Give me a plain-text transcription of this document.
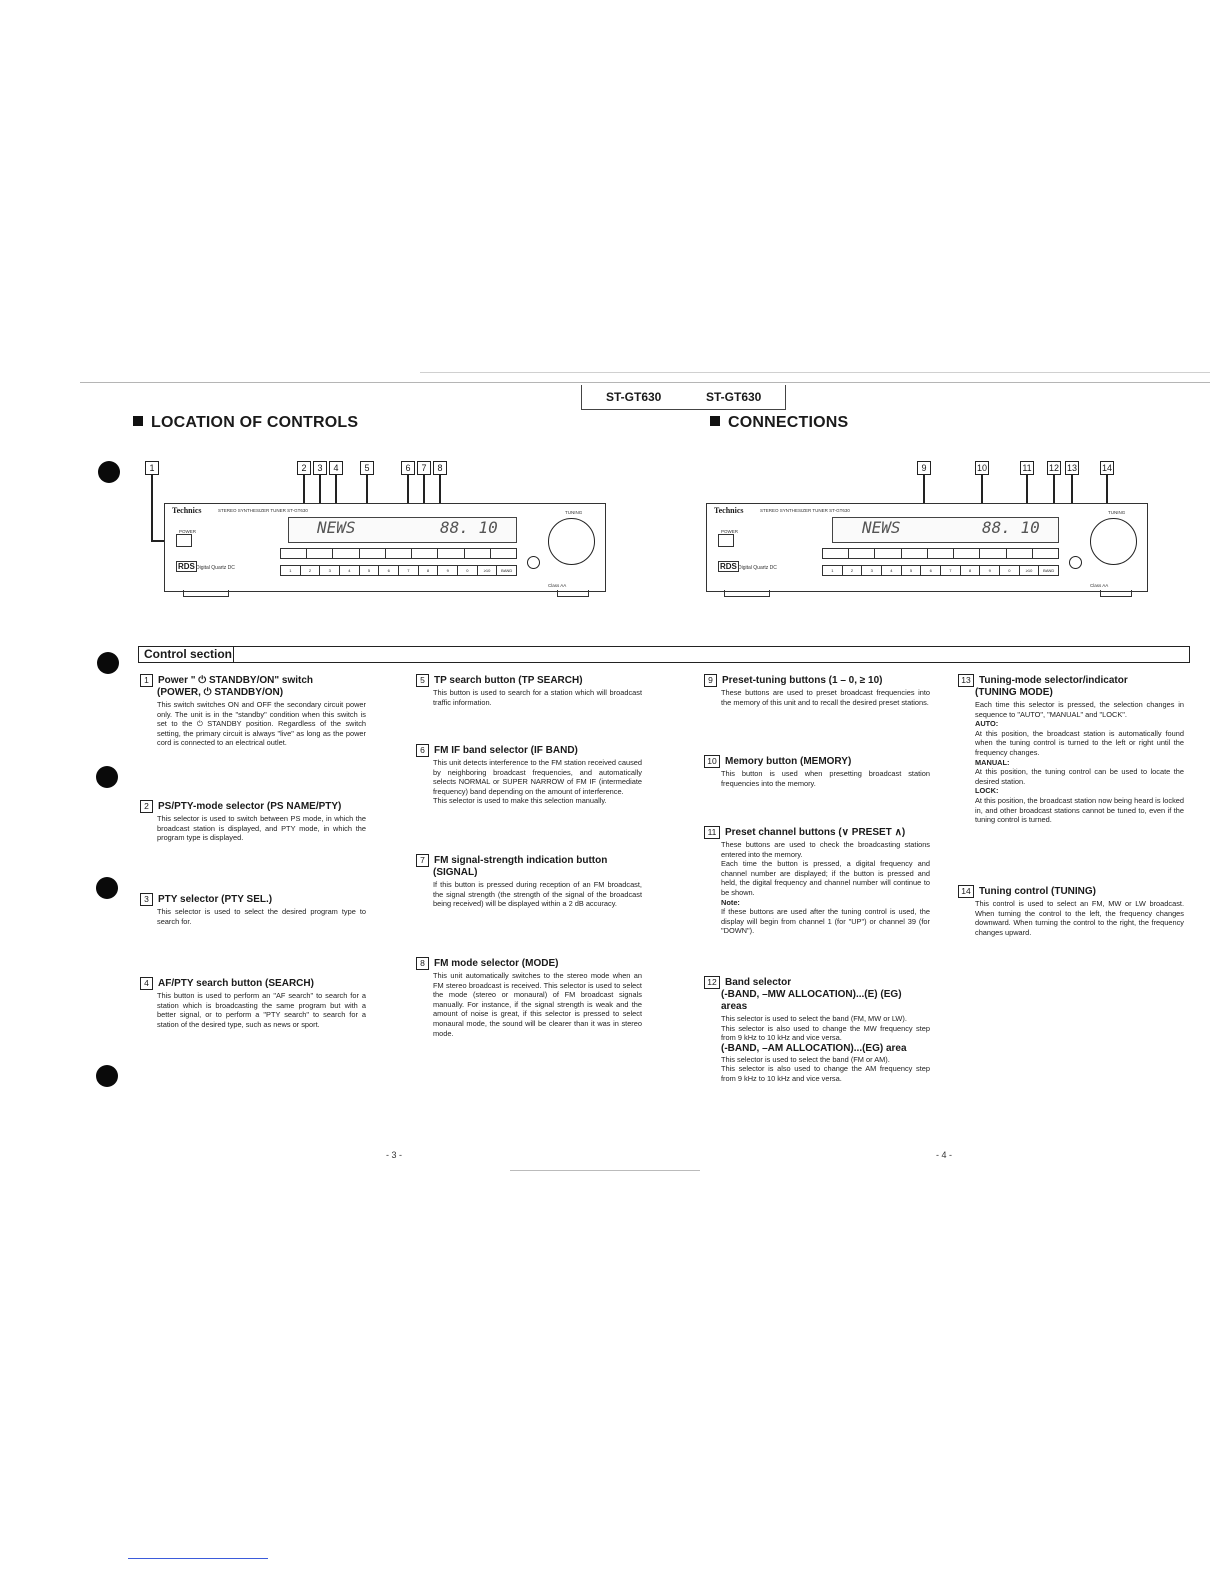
ST-GT630	ST-GT630
LOCATION OF CONTROLS	CONNECTIONS
1	2	3	4	5	6	7	8
Technics	STEREO SYNTHESIZER TUNER ST-GT630
POWER
RDS Digital Quartz DC
NEWS	88. 10
1	2	3	4	5	6	7	8	9	0	≥10	BAND
TUNING
Class AA
9	10	11 12 13	14
Technics	STEREO SYNTHESIZER TUNER ST-GT630
POWER
RDS Digital Quartz DC
NEWS	88. 10
1	2	3	4	5	6	7	8	9	0	≥10	BAND
TUNING
Class AA
Control section

1 Power " ⏻ STANDBY/ON" switch

(POWER, ⏻ STANDBY/ON)

This switch switches ON and OFF the secondary circuit power only. The unit is in the "standby" condition when this switch is set to the ⏻ STANDBY position. Regardless of the switch setting, the primary circuit is always "live" as long as the power cord is connected to an electrical outlet.

2 PS/PTY-mode selector (PS NAME/PTY)

This selector is used to switch between PS mode, in which the broadcast station is displayed, and PTY mode, in which the program type is displayed.

3 PTY selector (PTY SEL.)

This selector is used to select the desired program type to search for.

4 AF/PTY search button (SEARCH)

This button is used to perform an "AF search" to search for a station which is broadcasting the same program but with a better signal, or to perform a "PTY search" to search for a station of the desired type, such as news or sport.

5 TP search button (TP SEARCH)

This button is used to search for a station which will broadcast traffic information.

6 FM IF band selector (IF BAND)

This unit detects interference to the FM station received caused by neighboring broadcast frequencies, and automatically selects NORMAL or SUPER NARROW of FM IF (intermediate frequency) band depending on the amount of interference.

This selector is used to make this selection manually.

7 FM signal-strength indication button

(SIGNAL)

If this button is pressed during reception of an FM broadcast, the signal strength (the strength of the signal of the broadcast being received) will be displayed within a 2 dB accuracy.

8 FM mode selector (MODE)

This unit automatically switches to the stereo mode when an FM stereo broadcast is received. This selector is used to select the mode (stereo or monaural) of FM broadcast signals manually. For instance, if the signal strength is weak and the amount of noise is great, if this selector is pressed to select monaural mode, the sound will be clearer than it was in stereo mode.

9 Preset-tuning buttons (1 – 0, ≥ 10)

These buttons are used to preset broadcast frequencies into the memory of this unit and to recall the desired preset stations.

10 Memory button (MEMORY)

This button is used when presetting broadcast station frequencies into the memory.

11 Preset channel buttons (∨ PRESET ∧)

These buttons are used to check the broadcasting stations entered into the memory.

Each time the button is pressed, a digital frequency and channel number are displayed; if the button is pressed and held, the digital frequency and channel number will continue to be shown.

Note:

If these buttons are used after the tuning control is used, the display will begin from channel 1 (for "UP") or channel 39 (for "DOWN").

12 Band selector

(-BAND, –MW ALLOCATION)...(E) (EG) areas

This selector is used to select the band (FM, MW or LW).

This selector is also used to change the MW frequency step from 9 kHz to 10 kHz and vice versa.

(-BAND, –AM ALLOCATION)...(EG) area

This selector is used to select the band (FM or AM).

This selector is also used to change the AM frequency step from 9 kHz to 10 kHz and vice versa.

13 Tuning-mode selector/indicator

(TUNING MODE)

Each time this selector is pressed, the selection changes in sequence to "AUTO", "MANUAL" and "LOCK".

AUTO:

At this position, the broadcast station is automatically found when the tuning control is turned to the left or right until the frequency changes.

MANUAL:

At this position, the tuning control can be used to locate the desired station.

LOCK:

At this position, the broadcast station now being heard is locked in, and other broadcast stations cannot be tuned to, even if the tuning control is turned.

14 Tuning control (TUNING)

This control is used to select an FM, MW or LW broadcast. When turning the control to the left, the frequency changes downward. When turning the control to the right, the frequency changes upward.

- 3 -	- 4 -
